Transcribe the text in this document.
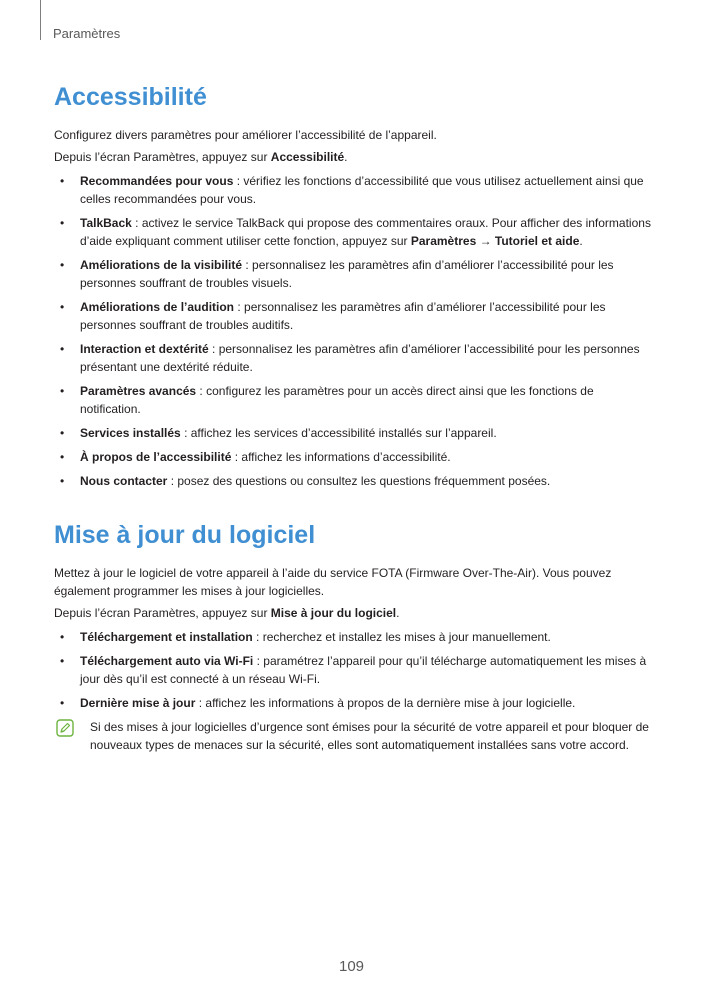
Paramètres
Accessibilité

Configurez divers paramètres pour améliorer l’accessibilité de l’appareil.

Depuis l’écran Paramètres, appuyez sur Accessibilité.

• Recommandées pour vous : vérifiez les fonctions d’accessibilité que vous utilisez actuellement ainsi que celles recommandées pour vous.
• TalkBack : activez le service TalkBack qui propose des commentaires oraux. Pour afficher des informations d’aide expliquant comment utiliser cette fonction, appuyez sur Paramètres → Tutoriel et aide.
• Améliorations de la visibilité : personnalisez les paramètres afin d’améliorer l’accessibilité pour les personnes souffrant de troubles visuels.
• Améliorations de l’audition : personnalisez les paramètres afin d’améliorer l’accessibilité pour les personnes souffrant de troubles auditifs.
• Interaction et dextérité : personnalisez les paramètres afin d’améliorer l’accessibilité pour les personnes présentant une dextérité réduite.
• Paramètres avancés : configurez les paramètres pour un accès direct ainsi que les fonctions de notification.
• Services installés : affichez les services d’accessibilité installés sur l’appareil.
• À propos de l’accessibilité : affichez les informations d’accessibilité.
• Nous contacter : posez des questions ou consultez les questions fréquemment posées.
Mise à jour du logiciel

Mettez à jour le logiciel de votre appareil à l’aide du service FOTA (Firmware Over-The-Air). Vous pouvez également programmer les mises à jour logicielles.

Depuis l’écran Paramètres, appuyez sur Mise à jour du logiciel.

• Téléchargement et installation : recherchez et installez les mises à jour manuellement.
• Téléchargement auto via Wi-Fi : paramétrez l’appareil pour qu’il télécharge automatiquement les mises à jour dès qu’il est connecté à un réseau Wi-Fi.
• Dernière mise à jour : affichez les informations à propos de la dernière mise à jour logicielle.
Si des mises à jour logicielles d’urgence sont émises pour la sécurité de votre appareil et pour bloquer de nouveaux types de menaces sur la sécurité, elles sont automatiquement installées sans votre accord.
109
